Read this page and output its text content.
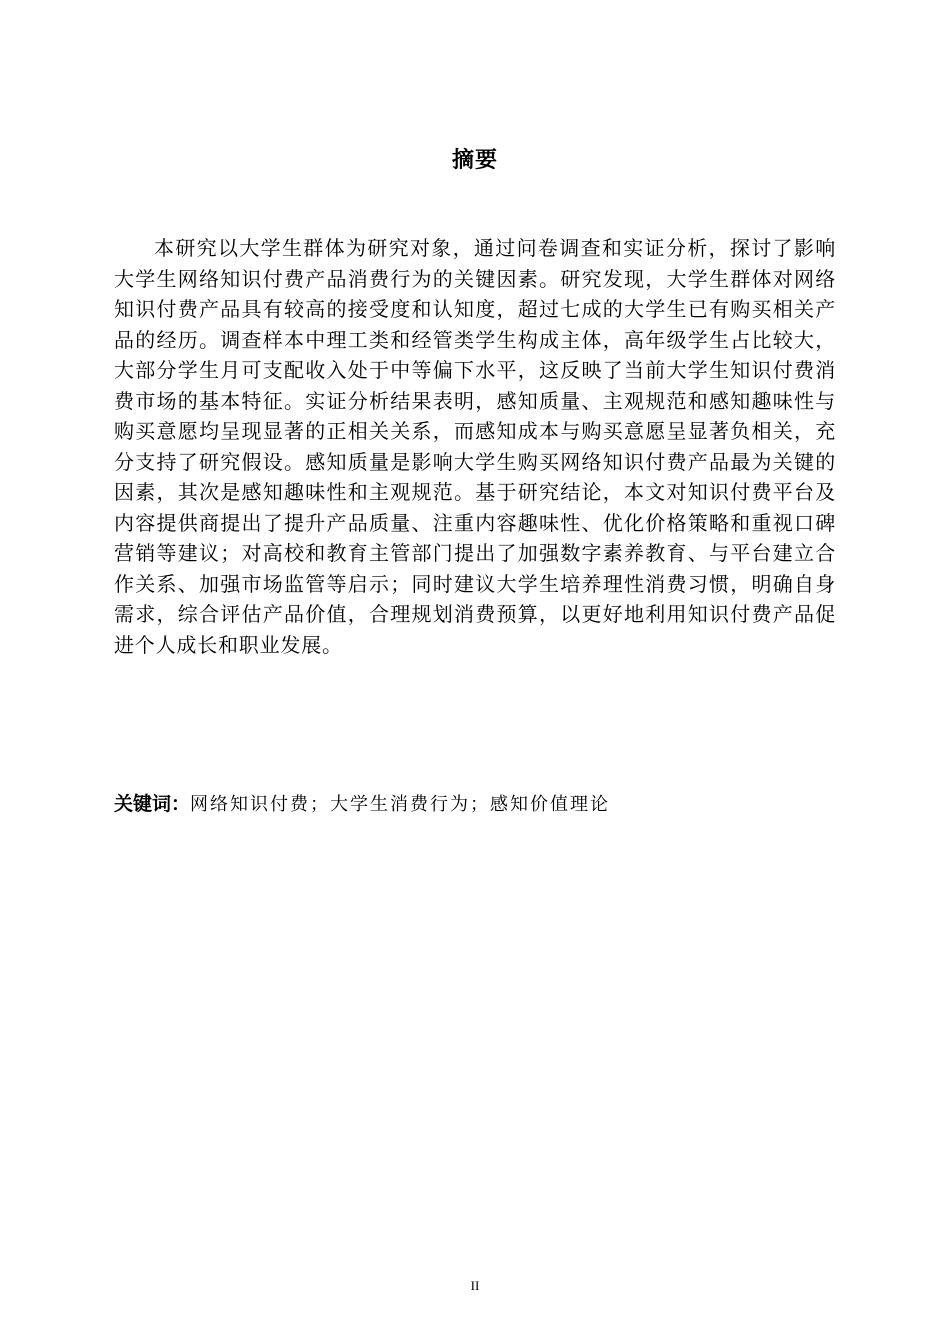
摘要

本研究以大学生群体为研究对象，通过问卷调查和实证分析，探讨了影响大学生网络知识付费产品消费行为的关键因素。研究发现，大学生群体对网络知识付费产品具有较高的接受度和认知度，超过七成的大学生已有购买相关产品的经历。调查样本中理工类和经管类学生构成主体，高年级学生占比较大，大部分学生月可支配收入处于中等偏下水平，这反映了当前大学生知识付费消费市场的基本特征。实证分析结果表明，感知质量、主观规范和感知趣味性与购买意愿均呈现显著的正相关关系，而感知成本与购买意愿呈显著负相关，充分支持了研究假设。感知质量是影响大学生购买网络知识付费产品最为关键的因素，其次是感知趣味性和主观规范。基于研究结论，本文对知识付费平台及内容提供商提出了提升产品质量、注重内容趣味性、优化价格策略和重视口碑营销等建议；对高校和教育主管部门提出了加强数字素养教育、与平台建立合作关系、加强市场监管等启示；同时建议大学生培养理性消费习惯，明确自身需求，综合评估产品价值，合理规划消费预算，以更好地利用知识付费产品促进个人成长和职业发展。

关键词：网络知识付费；大学生消费行为；感知价值理论
II
